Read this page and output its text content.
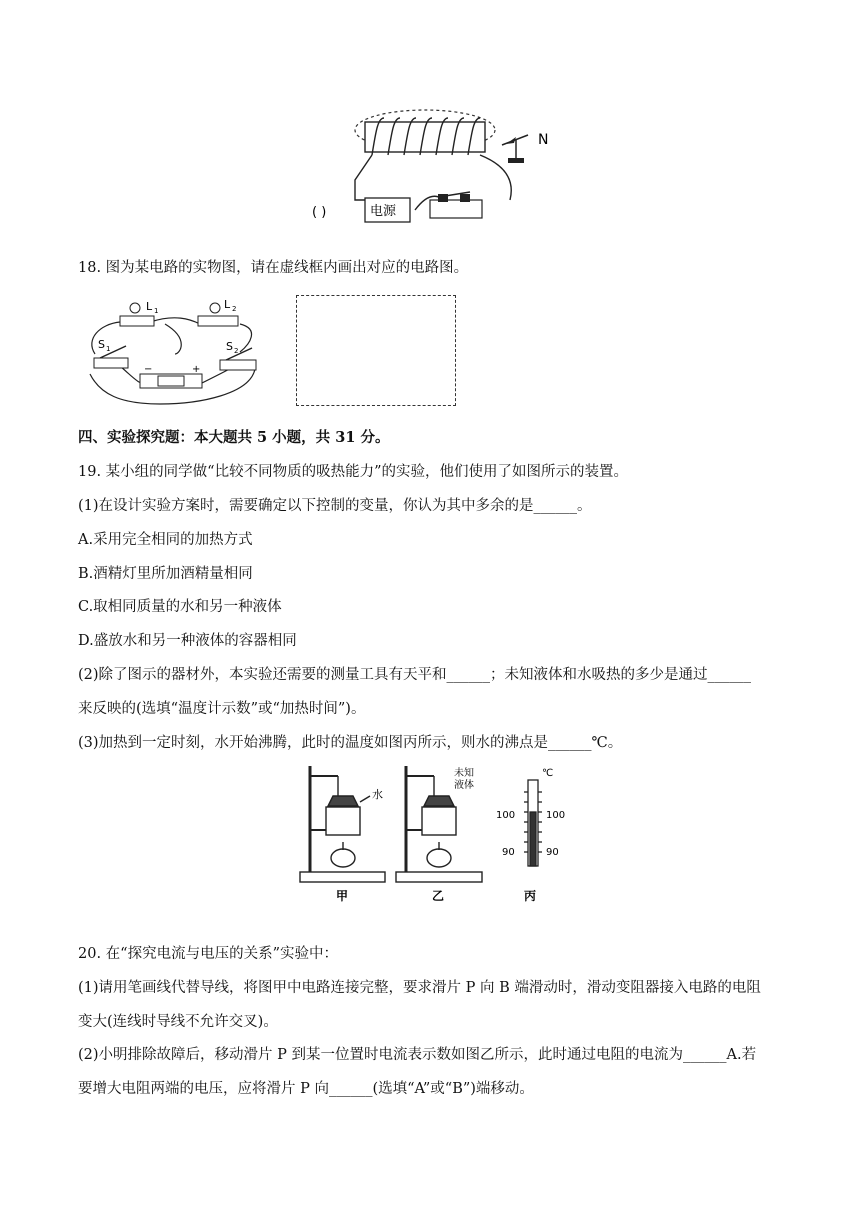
N
电源
( )
18. 图为某电路的实物图，请在虚线框内画出对应的电路图。
L 1	L 2
S 1	S 2
−	+
四、实验探究题：本大题共 5 小题，共 31 分。
19. 某小组的同学做“比较不同物质的吸热能力”的实验，他们使用了如图所示的装置。
(1)在设计实验方案时，需要确定以下控制的变量，你认为其中多余的是______。
A.采用完全相同的加热方式
B.酒精灯里所加酒精量相同
C.取相同质量的水和另一种液体
D.盛放水和另一种液体的容器相同
(2)除了图示的器材外，本实验还需要的测量工具有天平和______；未知液体和水吸热的多少是通过______
来反映的(选填“温度计示数”或“加热时间”)。
(3)加热到一定时刻，水开始沸腾，此时的温度如图丙所示，则水的沸点是______℃。
水
未知
液体
℃
100	100
90	90
甲	乙	丙
20. 在“探究电流与电压的关系”实验中：
(1)请用笔画线代替导线，将图甲中电路连接完整，要求滑片 P 向 B 端滑动时，滑动变阻器接入电路的电阻
变大(连线时导线不允许交叉)。
(2)小明排除故障后，移动滑片 P 到某一位置时电流表示数如图乙所示，此时通过电阻的电流为______A.若
要增大电阻两端的电压，应将滑片 P 向______(选填“A”或“B”)端移动。
